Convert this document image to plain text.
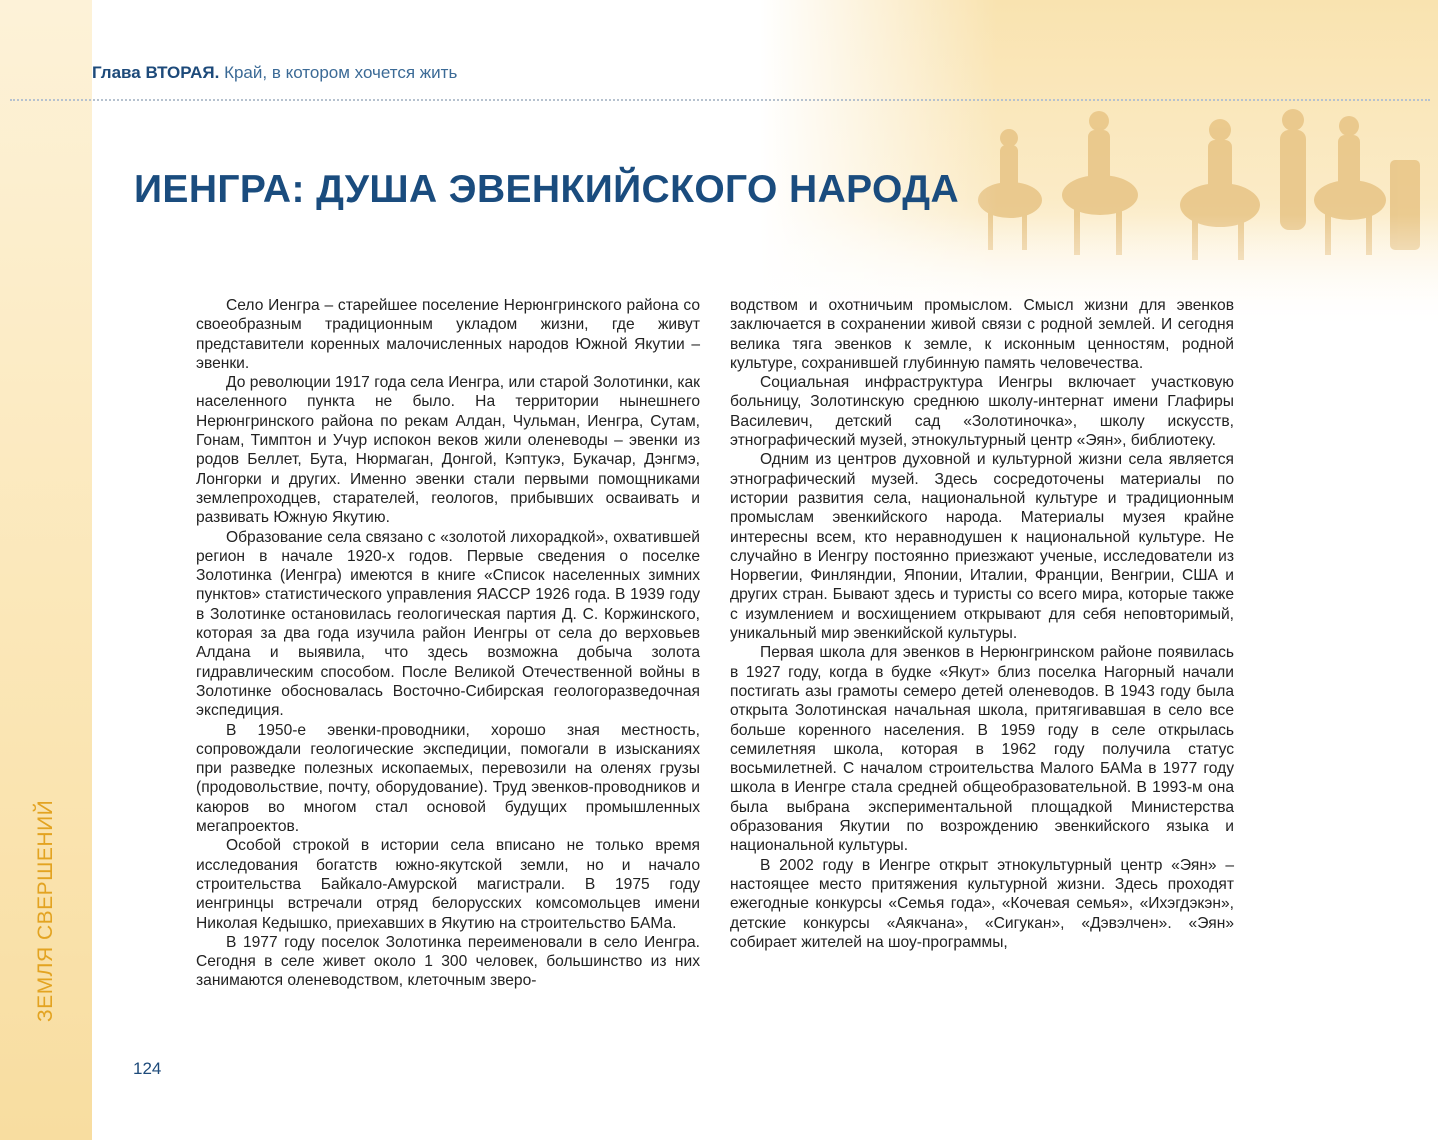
ЗЕМЛЯ СВЕРШЕНИЙ
Глава ВТОРАЯ. Край, в котором хочется жить
ИЕНГРА: ДУША ЭВЕНКИЙСКОГО НАРОДА

Село Иенгра – старейшее поселение Нерюнгринского района со своеобразным традиционным укладом жизни, где живут представители коренных малочисленных народов Южной Якутии – эвенки.

До революции 1917 года села Иенгра, или старой Золотинки, как населенного пункта не было. На территории нынешнего Нерюнгринского района по рекам Алдан, Чульман, Иенгра, Сутам, Гонам, Тимптон и Учур испокон веков жили оленеводы – эвенки из родов Беллет, Бута, Нюрмаган, Донгой, Кэптукэ, Букачар, Дэнгмэ, Лонгорки и других. Именно эвенки стали первыми помощниками землепроходцев, старателей, геологов, прибывших осваивать и развивать Южную Якутию.

Образование села связано с «золотой лихорадкой», охватившей регион в начале 1920-х годов. Первые сведения о поселке Золотинка (Иенгра) имеются в книге «Список населенных зимних пунктов» статистического управления ЯАССР 1926 года. В 1939 году в Золотинке остановилась геологическая партия Д. С. Коржинского, которая за два года изучила район Иенгры от села до верховьев Алдана и выявила, что здесь возможна добыча золота гидравлическим способом. После Великой Отечественной войны в Золотинке обосновалась Восточно-Сибирская геологоразведочная экспедиция.

В 1950-е эвенки-проводники, хорошо зная местность, сопровождали геологические экспедиции, помогали в изысканиях при разведке полезных ископаемых, перевозили на оленях грузы (продовольствие, почту, оборудование). Труд эвенков-проводников и каюров во многом стал основой будущих промышленных мегапроектов.

Особой строкой в истории села вписано не только время исследования богатств южно-якутской земли, но и начало строительства Байкало-Амурской магистрали. В 1975 году иенгринцы встречали отряд белорусских комсомольцев имени Николая Кедышко, приехавших в Якутию на строительство БАМа.

В 1977 году поселок Золотинка переименовали в село Иенгра. Сегодня в селе живет около 1 300 человек, большинство из них занимаются оленеводством, клеточным зверо-

водством и охотничьим промыслом. Смысл жизни для эвенков заключается в сохранении живой связи с родной землей. И сегодня велика тяга эвенков к земле, к исконным ценностям, родной культуре, сохранившей глубинную память человечества.

Социальная инфраструктура Иенгры включает участковую больницу, Золотинскую среднюю школу-интернат имени Глафиры Василевич, детский сад «Золотиночка», школу искусств, этнографический музей, этнокультурный центр «Эян», библиотеку.

Одним из центров духовной и культурной жизни села является этнографический музей. Здесь сосредоточены материалы по истории развития села, национальной культуре и традиционным промыслам эвенкийского народа. Материалы музея крайне интересны всем, кто неравнодушен к национальной культуре. Не случайно в Иенгру постоянно приезжают ученые, исследователи из Норвегии, Финляндии, Японии, Италии, Франции, Венгрии, США и других стран. Бывают здесь и туристы со всего мира, которые также с изумлением и восхищением открывают для себя неповторимый, уникальный мир эвенкийской культуры.

Первая школа для эвенков в Нерюнгринском районе появилась в 1927 году, когда в будке «Якут» близ поселка Нагорный начали постигать азы грамоты семеро детей оленеводов. В 1943 году была открыта Золотинская начальная школа, притягивавшая в село все больше коренного населения. В 1959 году в селе открылась семилетняя школа, которая в 1962 году получила статус восьмилетней. С началом строительства Малого БАМа в 1977 году школа в Иенгре стала средней общеобразовательной. В 1993-м она была выбрана экспериментальной площадкой Министерства образования Якутии по возрождению эвенкийского языка и национальной культуры.

В 2002 году в Иенгре открыт этнокультурный центр «Эян» – настоящее место притяжения культурной жизни. Здесь проходят ежегодные конкурсы «Семья года», «Кочевая семья», «Ихэгдэкэн», детские конкурсы «Аякчана», «Сигукан», «Дэвэлчен». «Эян» собирает жителей на шоу-программы,

124
